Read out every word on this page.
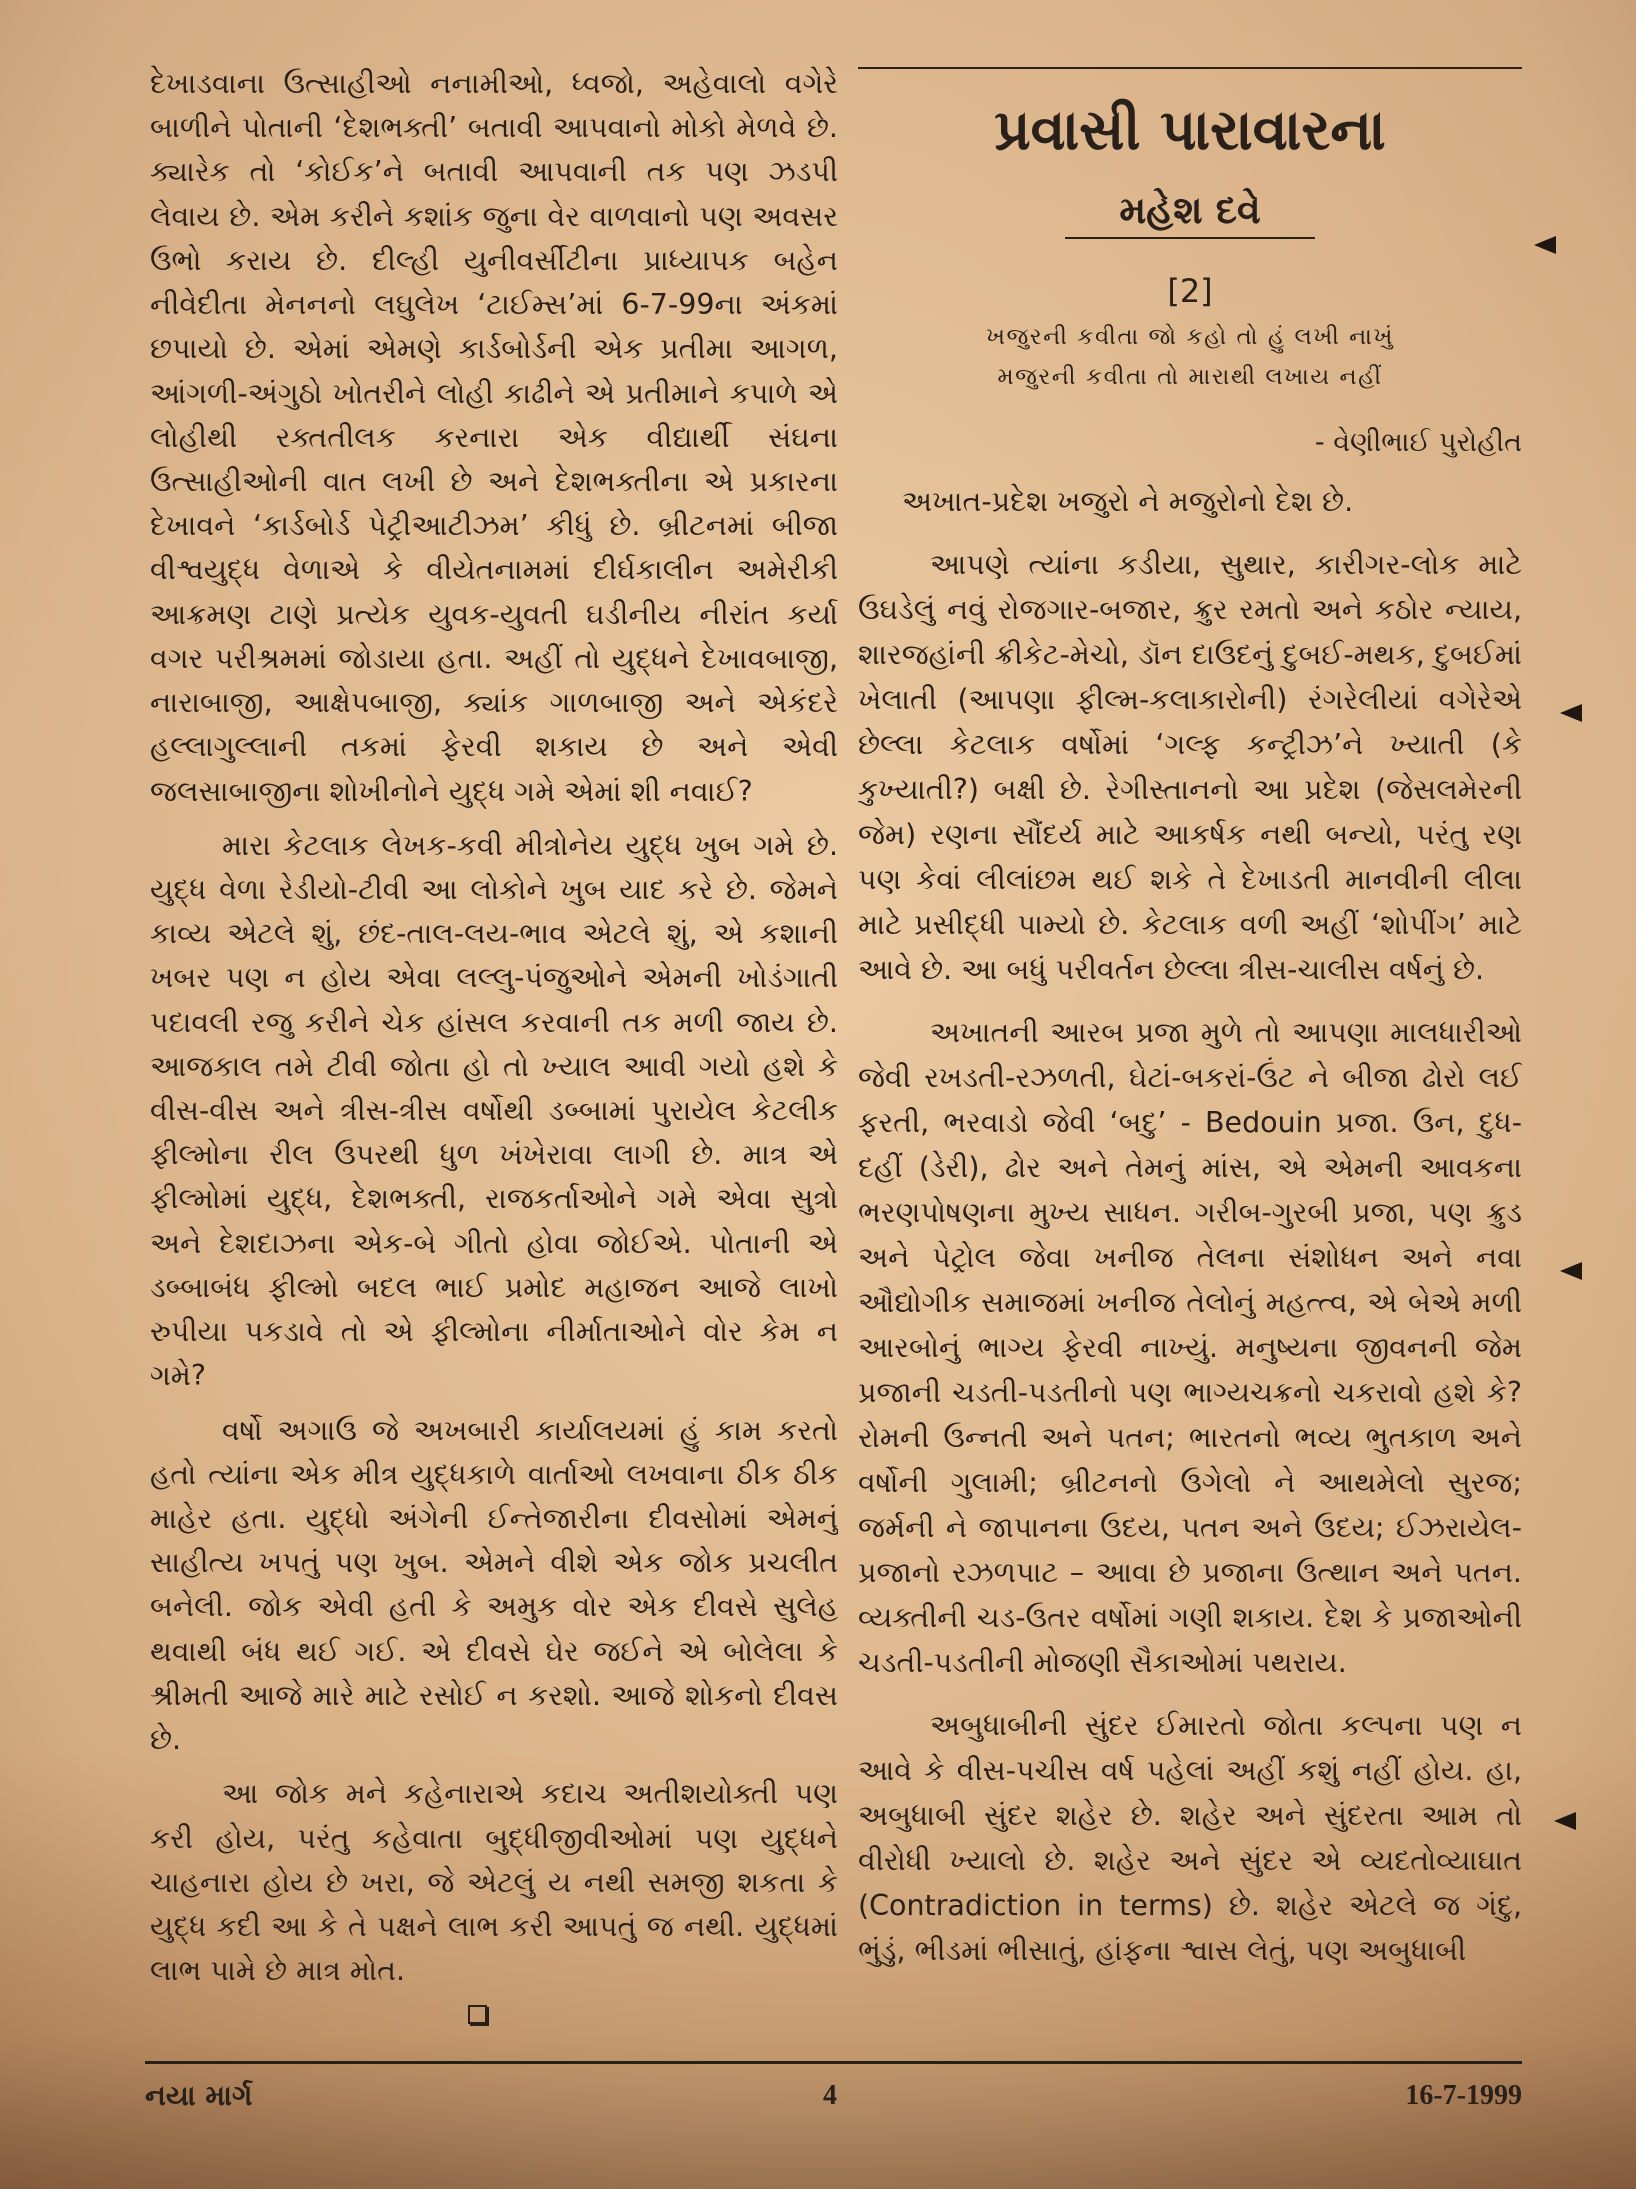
દેખાડવાના ઉત્સાહીઓ નનામીઓ, ધ્વજો, અહેવાલો વગેરે બાળીને પોતાની ‘દેશભક્તી’ બતાવી આપવાનો મોકો મેળવે છે. ક્યારેક તો ‘કોઈક’ને બતાવી આપવાની તક પણ ઝડપી લેવાય છે. એમ કરીને કશાંક જુના વેર વાળવાનો પણ અવસર ઉભો કરાય છે. દીલ્હી યુનીવર્સીટીના પ્રાધ્યાપક બહેન નીવેદીતા મેનનનો લઘુલેખ ‘ટાઈમ્સ’માં 6-7-99ના અંકમાં છપાયો છે. એમાં એમણે કાર્ડબોર્ડની એક પ્રતીમા આગળ, આંગળી-અંગુઠો ખોતરીને લોહી કાઢીને એ પ્રતીમાને કપાળે એ લોહીથી રક્તતીલક કરનારા એક વીદ્યાર્થી સંઘના ઉત્સાહીઓની વાત લખી છે અને દેશભક્તીના એ પ્રકારના દેખાવને ‘કાર્ડબોર્ડ પેટ્રીઆટીઝમ’ કીધું છે. બ્રીટનમાં બીજા વીશ્વયુદ્ધ વેળાએ કે વીયેતનામમાં દીર્ઘકાલીન અમેરીકી આક્રમણ ટાણે પ્રત્યેક યુવક-યુવતી ઘડીનીય નીરાંત કર્યા વગર પરીશ્રમમાં જોડાયા હતા. અહીં તો યુદ્ધને દેખાવબાજી, નારાબાજી, આક્ષેપબાજી, ક્યાંક ગાળબાજી અને એકંદરે હલ્લાગુલ્લાની તકમાં ફેરવી શકાય છે અને એવી જલસાબાજીના શોખીનોને યુદ્ધ ગમે એમાં શી નવાઈ?

મારા કેટલાક લેખક-કવી મીત્રોનેય યુદ્ધ ખુબ ગમે છે. યુદ્ધ વેળા રેડીયો-ટીવી આ લોકોને ખુબ યાદ કરે છે. જેમને કાવ્ય એટલે શું, છંદ-તાલ-લય-ભાવ એટલે શું, એ કશાની ખબર પણ ન હોય એવા લલ્લુ-પંજુઓને એમની ખોડંગાતી પદાવલી રજુ કરીને ચેક હાંસલ કરવાની તક મળી જાય છે. આજકાલ તમે ટીવી જોતા હો તો ખ્યાલ આવી ગયો હશે કે વીસ-વીસ અને ત્રીસ-ત્રીસ વર્ષોથી ડબ્બામાં પુરાયેલ કેટલીક ફીલ્મોના રીલ ઉપરથી ધુળ ખંખેરાવા લાગી છે. માત્ર એ ફીલ્મોમાં યુદ્ધ, દેશભક્તી, રાજકર્તાઓને ગમે એવા સુત્રો અને દેશદાઝના એક-બે ગીતો હોવા જોઈએ. પોતાની એ ડબ્બાબંધ ફીલ્મો બદલ ભાઈ પ્રમોદ મહાજન આજે લાખો રુપીયા પકડાવે તો એ ફીલ્મોના નીર્માતાઓને વોર કેમ ન ગમે?

વર્ષો અગાઉ જે અખબારી કાર્યાલયમાં હું કામ કરતો હતો ત્યાંના એક મીત્ર યુદ્ધકાળે વાર્તાઓ લખવાના ઠીક ઠીક માહેર હતા. યુદ્ધો અંગેની ઈન્તેજારીના દીવસોમાં એમનું સાહીત્ય ખપતું પણ ખુબ. એમને વીશે એક જોક પ્રચલીત બનેલી. જોક એવી હતી કે અમુક વોર એક દીવસે સુલેહ થવાથી બંધ થઈ ગઈ. એ દીવસે ઘેર જઈને એ બોલેલા કે શ્રીમતી આજે મારે માટે રસોઈ ન કરશો. આજે શોકનો દીવસ છે.

આ જોક મને કહેનારાએ કદાચ અતીશયોક્તી પણ કરી હોય, પરંતુ કહેવાતા બુદ્ધીજીવીઓમાં પણ યુદ્ધને ચાહનારા હોય છે ખરા, જે એટલું ય નથી સમજી શકતા કે યુદ્ધ કદી આ કે તે પક્ષને લાભ કરી આપતું જ નથી. યુદ્ધમાં લાભ પામે છે માત્ર મોત.

પ્રવાસી પારાવારના
મહેશ દવે
[2]
ખજુરની કવીતા જો કહો તો હું લખી નાખું
મજુરની કવીતા તો મારાથી લખાય નહીં
- વેણીભાઈ પુરોહીત

અખાત-પ્રદેશ ખજુરો ને મજુરોનો દેશ છે.

આપણે ત્યાંના કડીયા, સુથાર, કારીગર-લોક માટે ઉઘડેલું નવું રોજગાર-બજાર, ક્રુર રમતો અને કઠોર ન્યાય, શારજહાંની ક્રીકેટ-મેચો, ડૉન દાઉદનું દુબઈ-મથક, દુબઈમાં ખેલાતી (આપણા ફીલ્મ-કલાકારોની) રંગરેલીયાં વગેરેએ છેલ્લા કેટલાક વર્ષોમાં ‘ગલ્ફ કન્ટ્રીઝ’ને ખ્યાતી (કે કુખ્યાતી?) બક્ષી છે. રેગીસ્તાનનો આ પ્રદેશ (જેસલમેરની જેમ) રણના સૌંદર્ય માટે આકર્ષક નથી બન્યો, પરંતુ રણ પણ કેવાં લીલાંછમ થઈ શકે તે દેખાડતી માનવીની લીલા માટે પ્રસીદ્ધી પામ્યો છે. કેટલાક વળી અહીં ‘શોપીંગ’ માટે આવે છે. આ બધું પરીવર્તન છેલ્લા ત્રીસ-ચાલીસ વર્ષનું છે.

અખાતની આરબ પ્રજા મુળે તો આપણા માલધારીઓ જેવી રખડતી-રઝળતી, ઘેટાં-બકરાં-ઉંટ ને બીજા ઢોરો લઈ ફરતી, ભરવાડો જેવી ‘બદુ’ - Bedouin પ્રજા. ઉન, દુધ-દહીં (ડેરી), ઢોર અને તેમનું માંસ, એ એમની આવકના ભરણપોષણના મુખ્ય સાધન. ગરીબ-ગુરબી પ્રજા, પણ ક્રુડ અને પેટ્રોલ જેવા ખનીજ તેલના સંશોધન અને નવા ઔદ્યોગીક સમાજમાં ખનીજ તેલોનું મહત્ત્વ, એ બેએ મળી આરબોનું ભાગ્ય ફેરવી નાખ્યું. મનુષ્યના જીવનની જેમ પ્રજાની ચડતી-પડતીનો પણ ભાગ્યચક્રનો ચકરાવો હશે કે? રોમની ઉન્નતી અને પતન; ભારતનો ભવ્ય ભુતકાળ અને વર્ષોની ગુલામી; બ્રીટનનો ઉગેલો ને આથમેલો સુરજ; જર્મની ને જાપાનના ઉદય, પતન અને ઉદય; ઈઝરાયેલ-પ્રજાનો રઝળપાટ – આવા છે પ્રજાના ઉત્થાન અને પતન. વ્યક્તીની ચડ-ઉતર વર્ષોમાં ગણી શકાય. દેશ કે પ્રજાઓની ચડતી-પડતીની મોજણી સૈકાઓમાં પથરાય.

અબુધાબીની સુંદર ઈમારતો જોતા કલ્પના પણ ન આવે કે વીસ-પચીસ વર્ષ પહેલાં અહીં કશું નહીં હોય. હા, અબુધાબી સુંદર શહેર છે. શહેર અને સુંદરતા આમ તો વીરોધી ખ્યાલો છે. શહેર અને સુંદર એ વ્યદતોવ્યાઘાત (Contradiction in terms) છે. શહેર એટલે જ ગંદુ, ભુંડું, ભીડમાં ભીસાતું, હાંફના શ્વાસ લેતું, પણ અબુધાબી

નયા માર્ગ	4	16-7-1999
